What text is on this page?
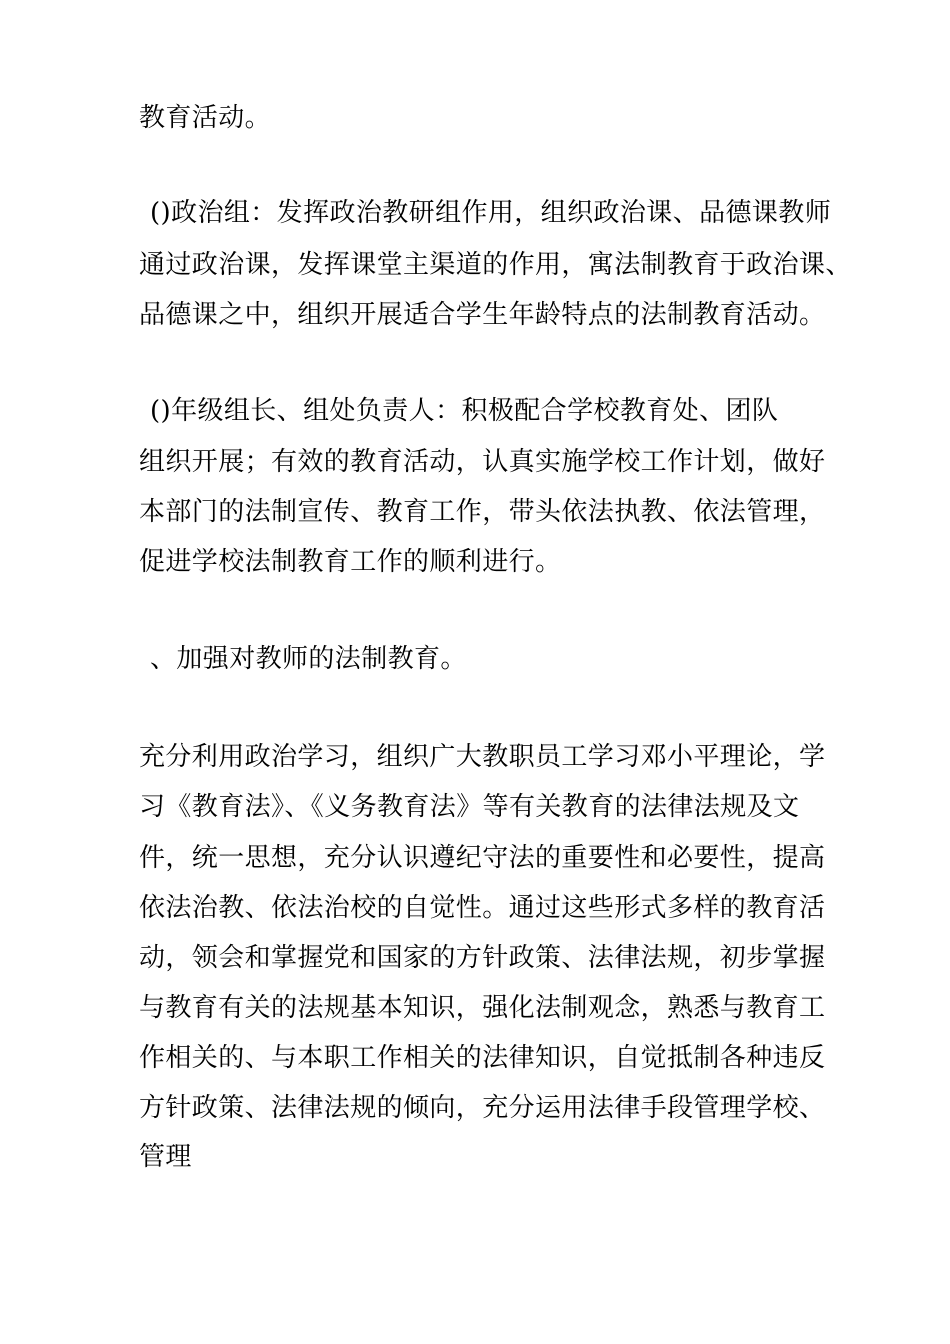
教育活动。
()政治组：发挥政治教研组作用，组织政治课、品德课教师
通过政治课，发挥课堂主渠道的作用，寓法制教育于政治课、
品德课之中，组织开展适合学生年龄特点的法制教育活动。
()年级组长、组处负责人：积极配合学校教育处、团队
组织开展；有效的教育活动，认真实施学校工作计划，做好
本部门的法制宣传、教育工作，带头依法执教、依法管理，
促进学校法制教育工作的顺利进行。
、加强对教师的法制教育。
充分利用政治学习，组织广大教职员工学习邓小平理论，学
习《教育法》、《义务教育法》等有关教育的法律法规及文
件，统一思想，充分认识遵纪守法的重要性和必要性，提高
依法治教、依法治校的自觉性。通过这些形式多样的教育活
动，领会和掌握党和国家的方针政策、法律法规，初步掌握
与教育有关的法规基本知识，强化法制观念，熟悉与教育工
作相关的、与本职工作相关的法律知识，自觉抵制各种违反
方针政策、法律法规的倾向，充分运用法律手段管理学校、
管理
